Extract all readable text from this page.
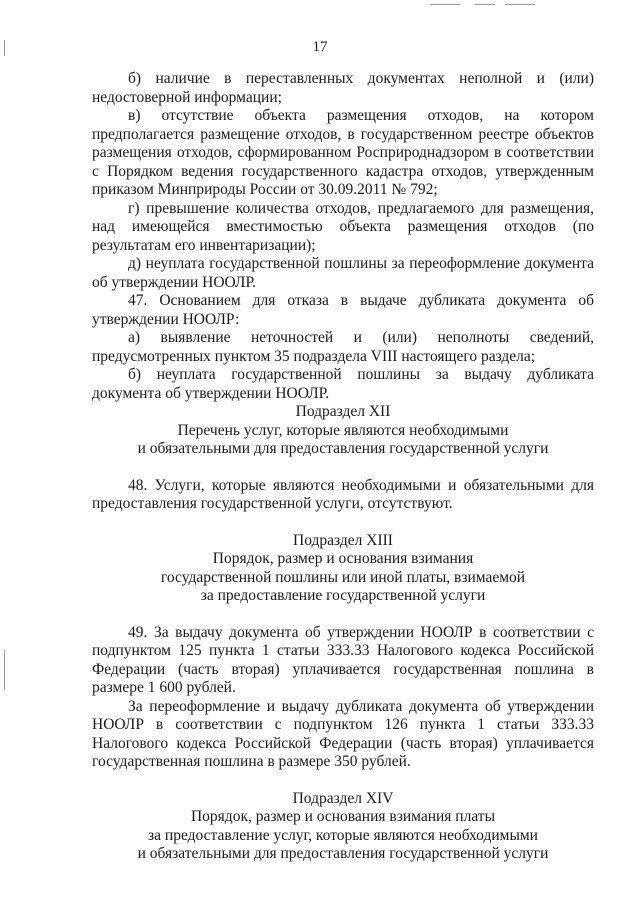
17

б) наличие в переставленных документах неполной и (или) недостоверной информации;

в) отсутствие объекта размещения отходов, на котором предполагается размещение отходов, в государственном реестре объектов размещения отходов, сформированном Росприроднадзором в соответствии с Порядком ведения государственного кадастра отходов, утвержденным приказом Минприроды России от 30.09.2011 № 792;

г) превышение количества отходов, предлагаемого для размещения, над имеющейся вместимостью объекта размещения отходов (по результатам его инвентаризации);

д) неуплата государственной пошлины за переоформление документа об утверждении НООЛР.

47. Основанием для отказа в выдаче дубликата документа об утверждении НООЛР:

а) выявление неточностей и (или) неполноты сведений, предусмотренных пунктом 35 подраздела VIII настоящего раздела;

б) неуплата государственной пошлины за выдачу дубликата документа об утверждении НООЛР.

Подраздел XII

Перечень услуг, которые являются необходимыми

и обязательными для предоставления государственной услуги

48. Услуги, которые являются необходимыми и обязательными для предоставления государственной услуги, отсутствуют.

Подраздел XIII

Порядок, размер и основания взимания

государственной пошлины или иной платы, взимаемой

за предоставление государственной услуги

49. За выдачу документа об утверждении НООЛР в соответствии с подпунктом 125 пункта 1 статьи 333.33 Налогового кодекса Российской Федерации (часть вторая) уплачивается государственная пошлина в размере 1 600 рублей.

За переоформление и выдачу дубликата документа об утверждении НООЛР в соответствии с подпунктом 126 пункта 1 статьи 333.33 Налогового кодекса Российской Федерации (часть вторая) уплачивается государственная пошлина в размере 350 рублей.

Подраздел XIV

Порядок, размер и основания взимания платы

за предоставление услуг, которые являются необходимыми

и обязательными для предоставления государственной услуги
